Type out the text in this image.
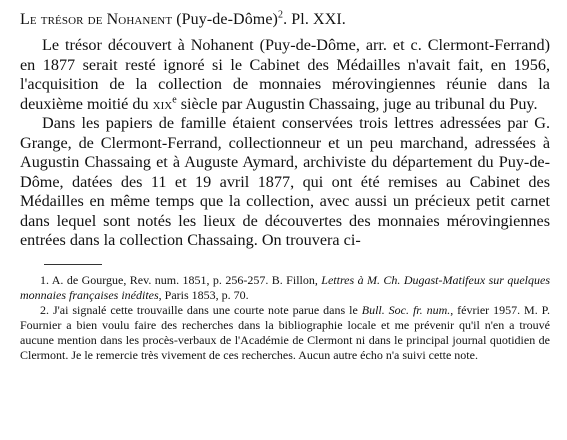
Le trésor de Nohanent (Puy-de-Dôme)$^2$. Pl. XXI.

Le trésor découvert à Nohanent (Puy-de-Dôme, arr. et c. Clermont-Ferrand) en 1877 serait resté ignoré si le Cabinet des Médailles n'avait fait, en 1956, l'acquisition de la collection de monnaies mérovingiennes réunie dans la deuxième moitié du xix$^e$ siècle par Augustin Chassaing, juge au tribunal du Puy.

Dans les papiers de famille étaient conservées trois lettres adressées par G. Grange, de Clermont-Ferrand, collectionneur et un peu marchand, adressées à Augustin Chassaing et à Auguste Aymard, archiviste du département du Puy-de-Dôme, datées des 11 et 19 avril 1877, qui ont été remises au Cabinet des Médailles en même temps que la collection, avec aussi un précieux petit carnet dans lequel sont notés les lieux de découvertes des monnaies mérovingiennes entrées dans la collection Chassaing. On trouvera ci-

1. A. de Gourgue, Rev. num. 1851, p. 256-257. B. Fillon, Lettres à M. Ch. Dugast-Matifeux sur quelques monnaies françaises inédites, Paris 1853, p. 70.

2. J'ai signalé cette trouvaille dans une courte note parue dans le Bull. Soc. fr. num., février 1957. M. P. Fournier a bien voulu faire des recherches dans la bibliographie locale et me prévenir qu'il n'en a trouvé aucune mention dans les procès-verbaux de l'Académie de Clermont ni dans le principal journal quotidien de Clermont. Je le remercie très vivement de ces recherches. Aucun autre écho n'a suivi cette note.
